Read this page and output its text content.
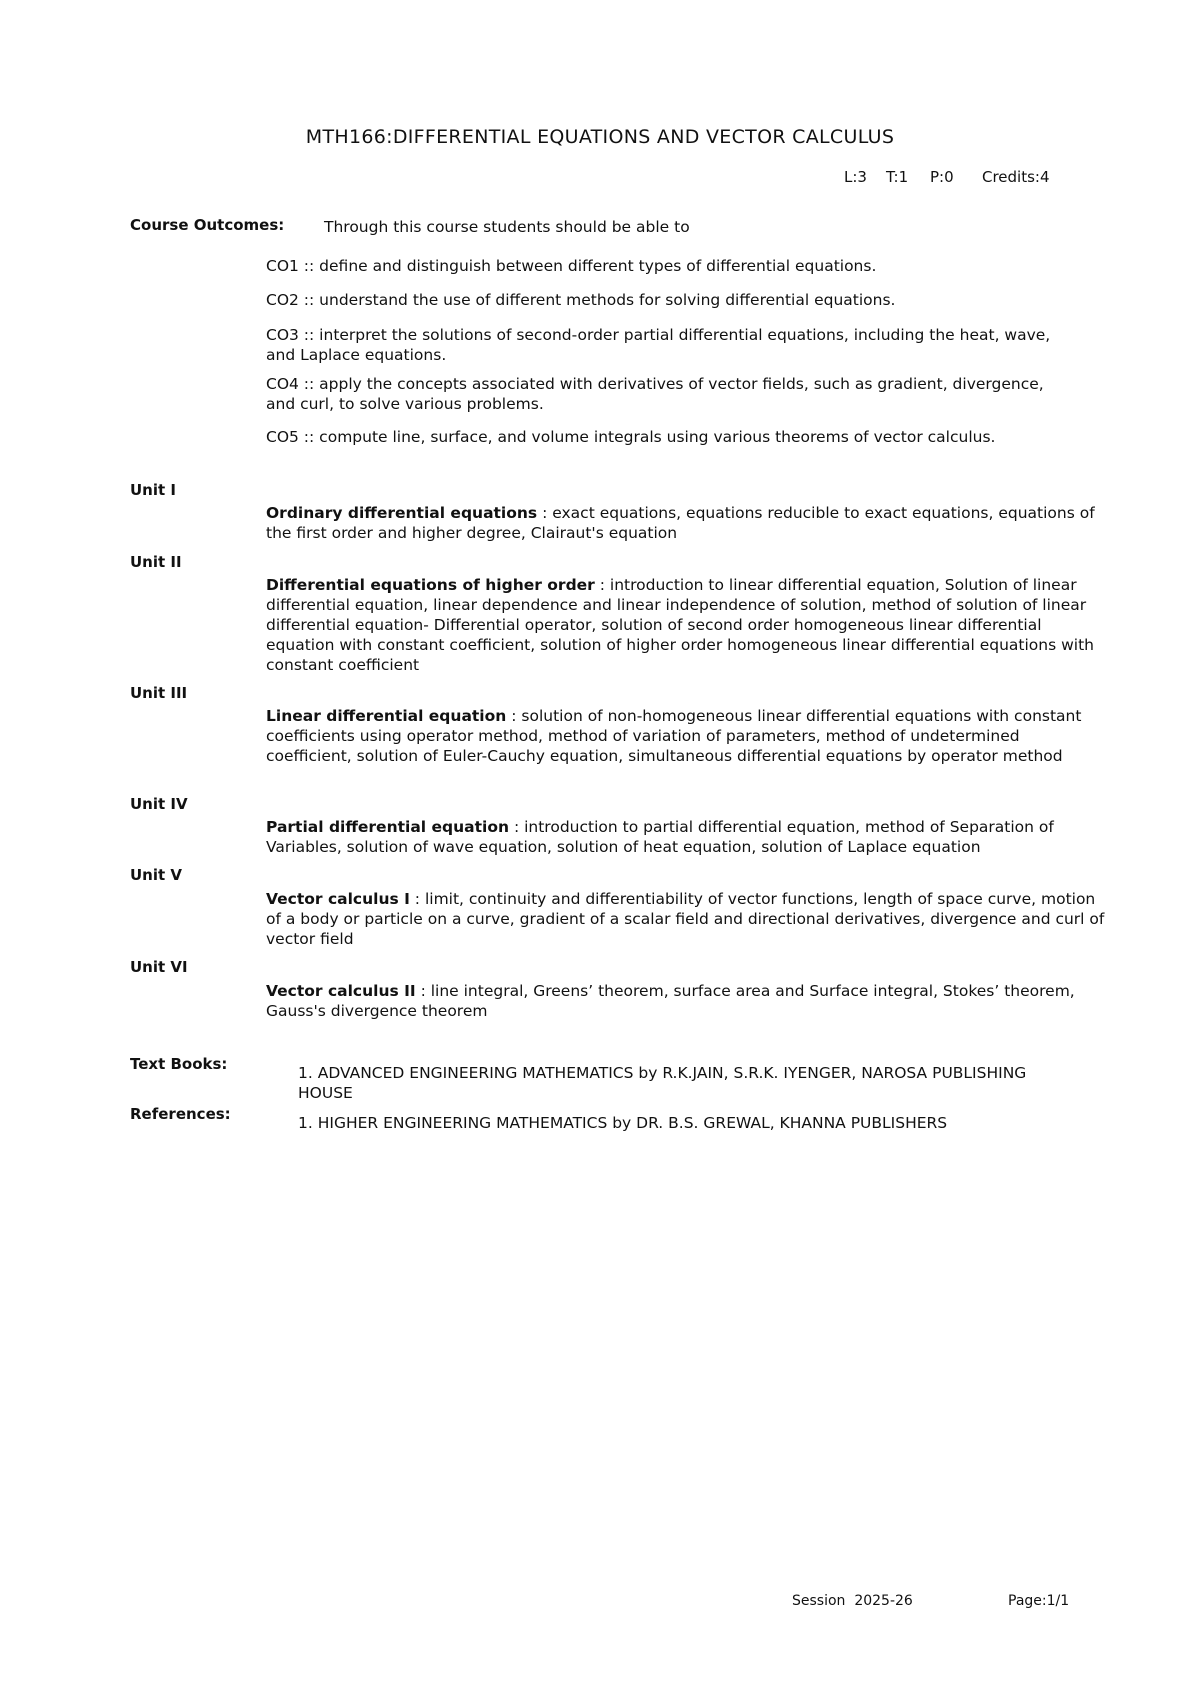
MTH166:DIFFERENTIAL EQUATIONS AND VECTOR CALCULUS
L:3 T:1 P:0 Credits:4
Course Outcomes:	Through this course students should be able to
CO1 :: define and distinguish between different types of differential equations.
CO2 :: understand the use of different methods for solving differential equations.
CO3 :: interpret the solutions of second-order partial differential equations, including the heat, wave, and Laplace equations.
CO4 :: apply the concepts associated with derivatives of vector fields, such as gradient, divergence, and curl, to solve various problems.
CO5 :: compute line, surface, and volume integrals using various theorems of vector calculus.
Unit I
Ordinary differential equations : exact equations, equations reducible to exact equations, equations of the first order and higher degree, Clairaut's equation
Unit II
Differential equations of higher order : introduction to linear differential equation, Solution of linear differential equation, linear dependence and linear independence of solution, method of solution of linear differential equation- Differential operator, solution of second order homogeneous linear differential equation with constant coefficient, solution of higher order homogeneous linear differential equations with constant coefficient
Unit III
Linear differential equation : solution of non-homogeneous linear differential equations with constant coefficients using operator method, method of variation of parameters, method of undetermined coefficient, solution of Euler-Cauchy equation, simultaneous differential equations by operator method
Unit IV
Partial differential equation : introduction to partial differential equation, method of Separation of Variables, solution of wave equation, solution of heat equation, solution of Laplace equation
Unit V
Vector calculus I : limit, continuity and differentiability of vector functions, length of space curve, motion of a body or particle on a curve, gradient of a scalar field and directional derivatives, divergence and curl of vector field
Unit VI
Vector calculus II : line integral, Greens’ theorem, surface area and Surface integral, Stokes’ theorem, Gauss's divergence theorem
Text Books:	1. ADVANCED ENGINEERING MATHEMATICS by R.K.JAIN, S.R.K. IYENGER, NAROSA PUBLISHING HOUSE
References:	1. HIGHER ENGINEERING MATHEMATICS by DR. B.S. GREWAL, KHANNA PUBLISHERS
Session  2025-26	Page:1/1
